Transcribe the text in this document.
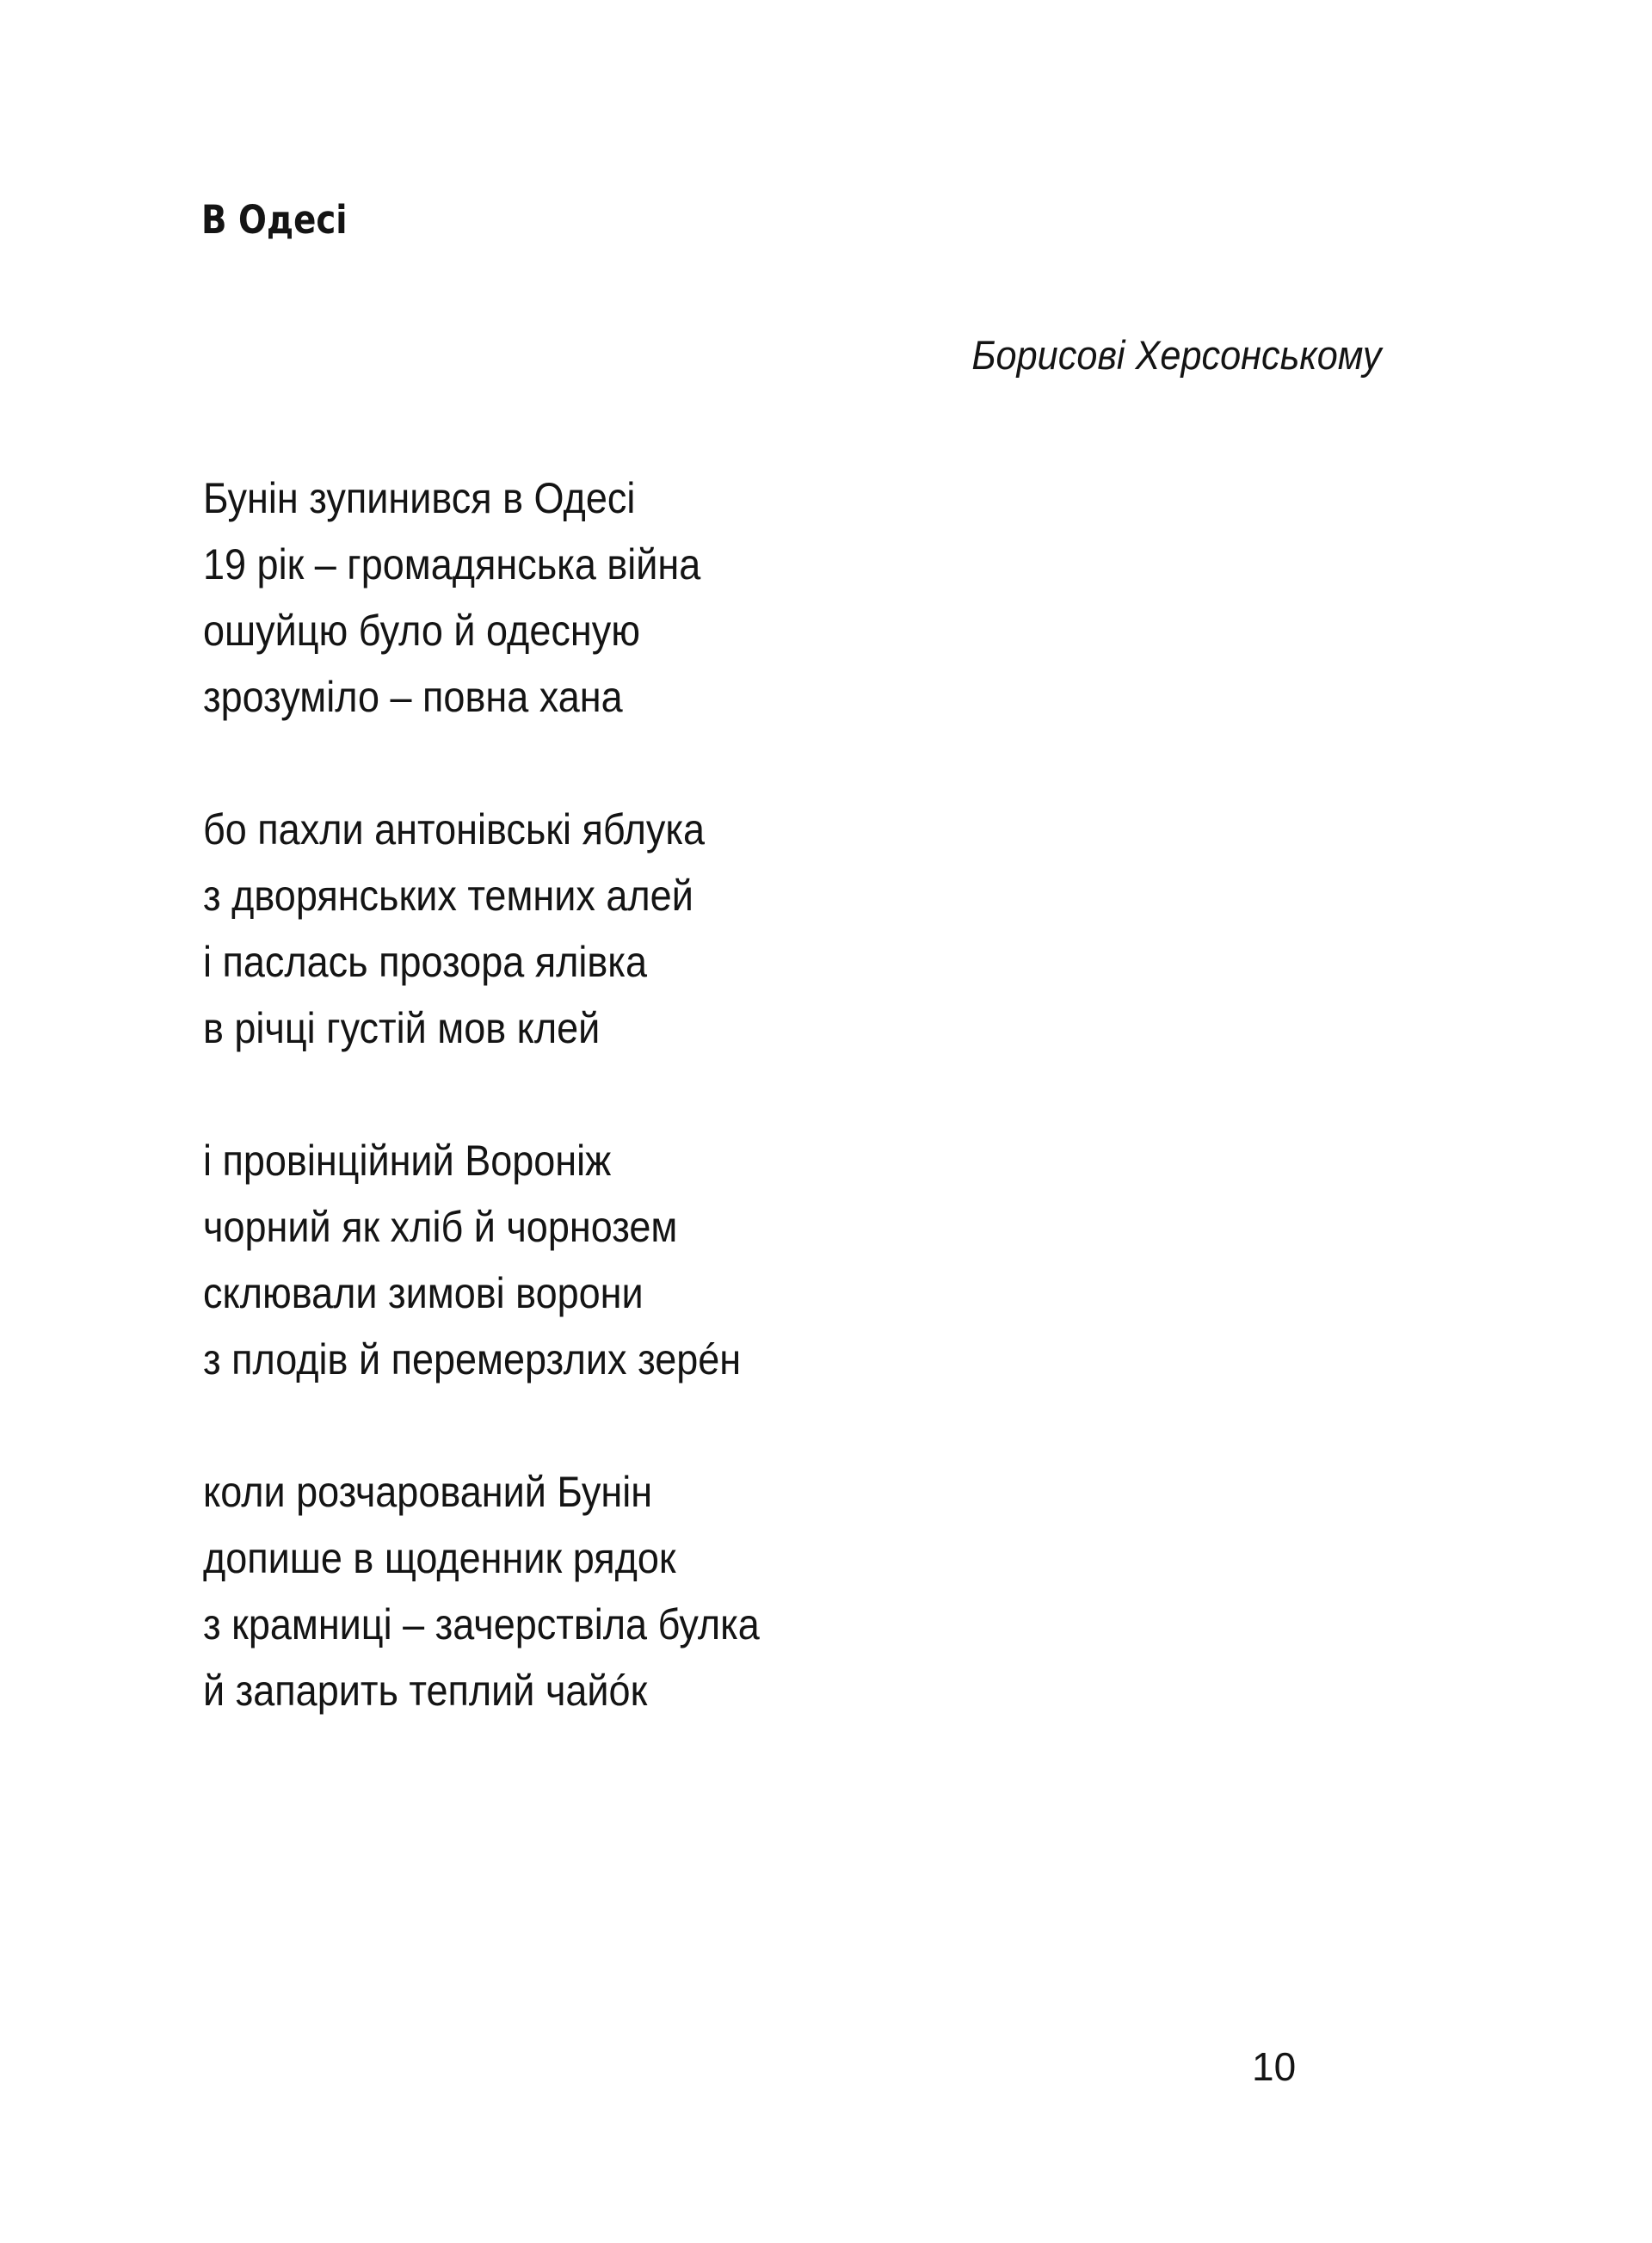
В Одесі
Борисові Херсонському
Бунін зупинився в Одесі
19 рік – громадянська війна
ошуйцю було й одесную
зрозуміло – повна хана
бо пахли антонівські яблука
з дворянських темних алей
і паслась прозора ялівка
в річці густій мов клей
і провінційний Вороніж
чорний як хліб й чорнозем
склювали зимові ворони
з плодів й перемерзлих зерéн
коли розчарований Бунін
допише в щоденник рядок
з крамниці – зачерствіла булка
й запарить теплий чайóк
10
